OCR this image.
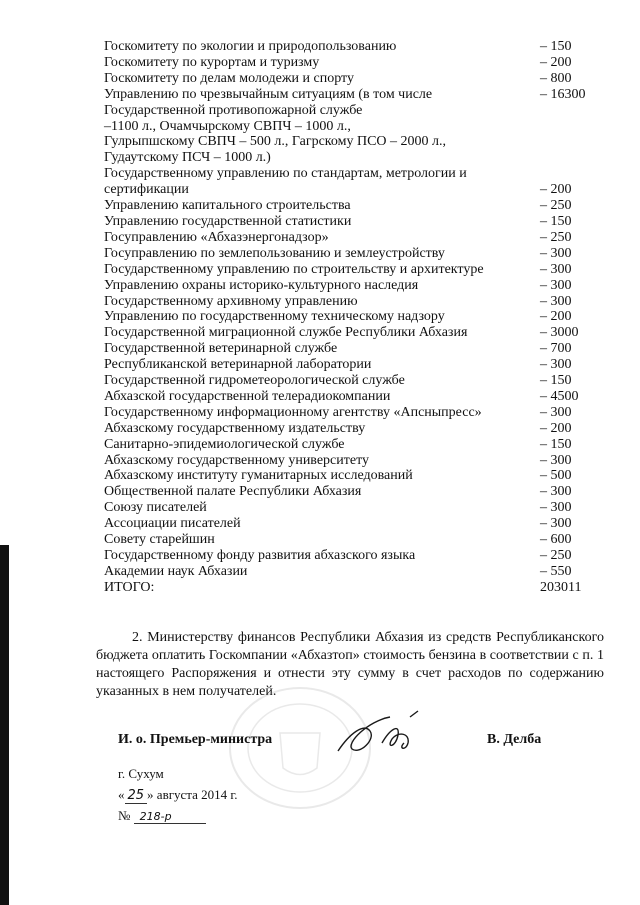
Госкомитету по экологии и природопользованию	– 150
Госкомитету по курортам и туризму	– 200
Госкомитету по делам молодежи и спорту	– 800
Управлению по чрезвычайным ситуациям (в том числе	– 16300
Государственной противопожарной службе
–1100 л., Очамчырскому СВПЧ – 1000 л.,
Гулрыпшскому СВПЧ – 500 л., Гагрскому ПСО – 2000 л.,
Гудаутскому ПСЧ – 1000 л.)
Государственному управлению по стандартам, метрологии и
сертификации	– 200
Управлению капитального строительства	– 250
Управлению государственной статистики	– 150
Госуправлению «Абхазэнергонадзор»	– 250
Госуправлению по землепользованию и землеустройству	– 300
Государственному управлению по строительству и архитектуре	– 300
Управлению охраны историко-культурного наследия	– 300
Государственному архивному управлению	– 300
Управлению по государственному техническому надзору	– 200
Государственной миграционной службе Республики Абхазия	– 3000
Государственной ветеринарной службе	– 700
Республиканской ветеринарной лаборатории	– 300
Государственной гидрометеорологической службе	– 150
Абхазской государственной телерадиокомпании	– 4500
Государственному информационному агентству «Апсныпресс»	– 300
Абхазскому государственному издательству	– 200
Санитарно-эпидемиологической службе	– 150
Абхазскому государственному университету	– 300
Абхазскому институту гуманитарных исследований	– 500
Общественной палате Республики Абхазия	– 300
Союзу писателей	– 300
Ассоциации писателей	– 300
Совету старейшин	– 600
Государственному фонду развития абхазского языка	– 250
Академии наук Абхазии	– 550
ИТОГО:	203011
2. Министерству финансов Республики Абхазия из средств Республиканского бюджета оплатить Госкомпании «Абхазтоп» стоимость бензина в соответствии с п. 1 настоящего Распоряжения и отнести эту сумму в счет расходов по содержанию указанных в нем получателей.
И. о. Премьер-министра
Дб
В. Делба
г. Сухум
« 25 » августа 2014 г.
№ 218-р
